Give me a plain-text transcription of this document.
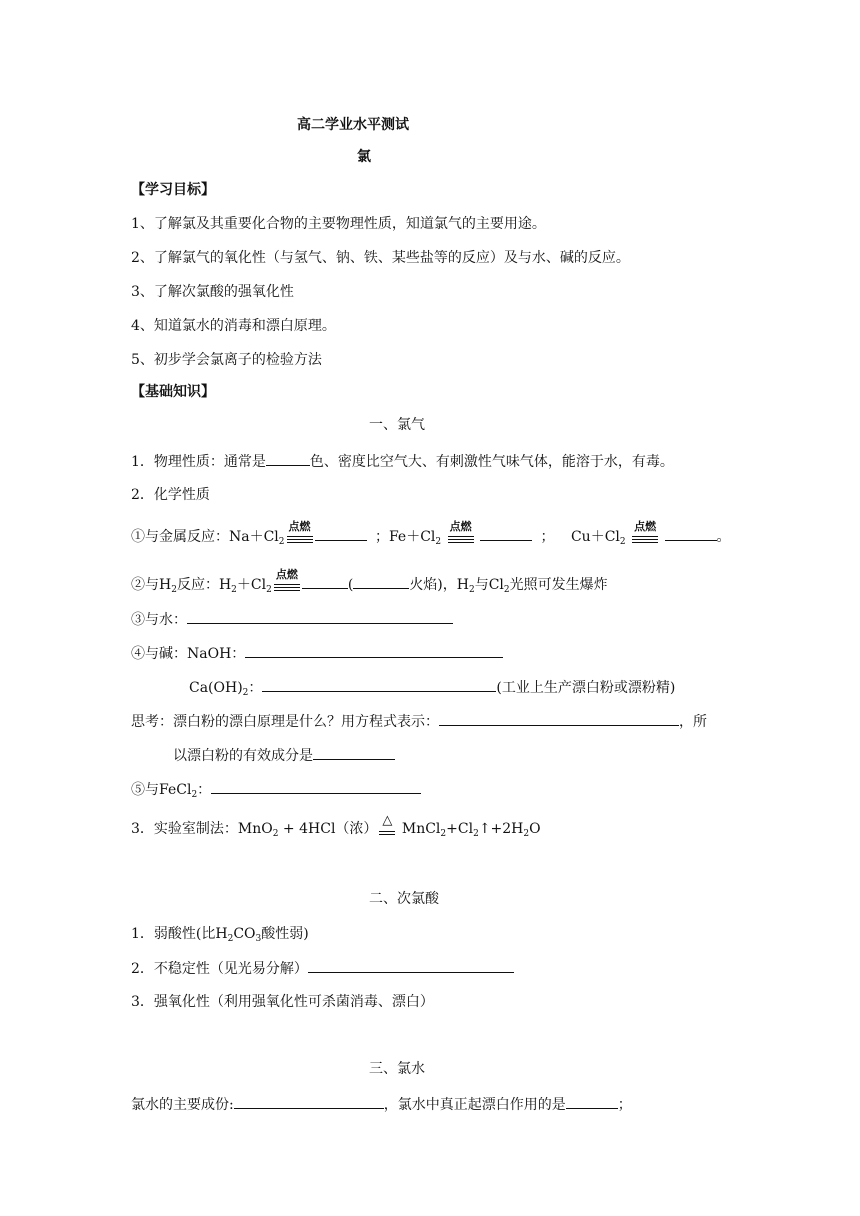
高二学业水平测试
氯
【学习目标】
1、了解氯及其重要化合物的主要物理性质，知道氯气的主要用途。
2、了解氯气的氧化性（与氢气、钠、铁、某些盐等的反应）及与水、碱的反应。
3、了解次氯酸的强氧化性
4、知道氯水的消毒和漂白原理。
5、初步学会氯离子的检验方法
【基础知识】
一、氯气
1．物理性质：通常是	色、密度比空气大、有刺激性气味气体，能溶于水，有毒。
2．化学性质
①与金属反应：$Na+Cl_2$
点燃
；$Fe+Cl_2$
点燃
； $Cu+Cl_2$
点燃
。
②与$H_2$反应：$H_2+Cl_2$
点燃
(	火焰)，$H_2$与$Cl_2$光照可发生爆炸
③与水：
④与碱：NaOH：
$Ca(OH)_2$：	(工业上生产漂白粉或漂粉精)
思考：漂白粉的漂白原理是什么？用方程式表示：	，所
以漂白粉的有效成分是
⑤与FeCl$_2$：
3．实验室制法：MnO$_2$ + 4HCl（浓）
△
$MnCl_2+Cl_2↑+2H_2O$
二、次氯酸
1．弱酸性(比$H_2CO_3$酸性弱)
2．不稳定性（见光易分解）
3．强氧化性（利用强氧化性可杀菌消毒、漂白）
三、氯水
氯水的主要成份:	，氯水中真正起漂白作用的是	；
